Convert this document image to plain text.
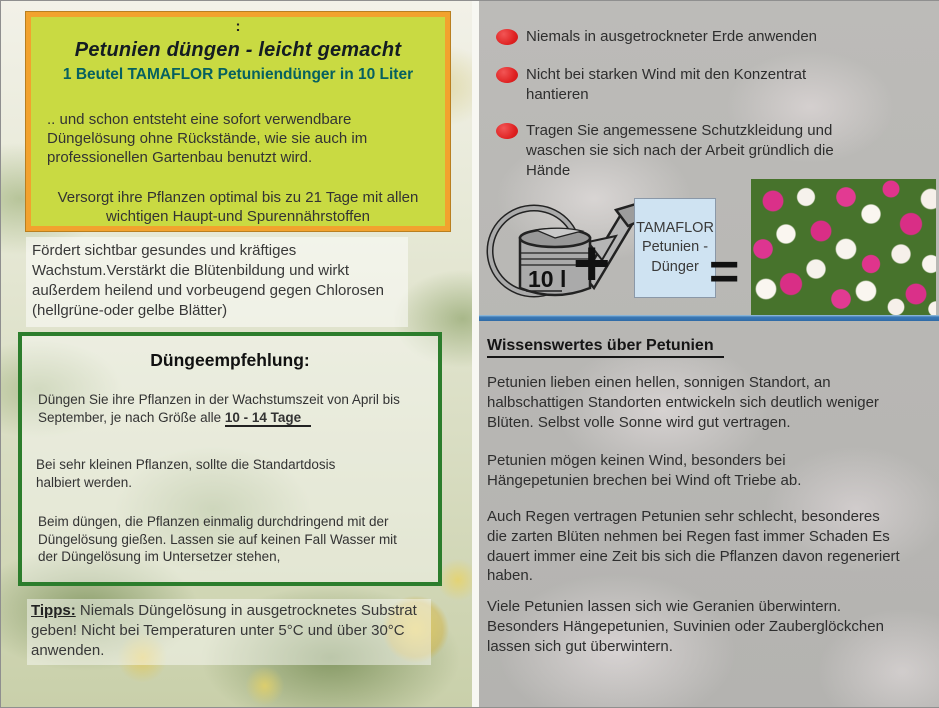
:
Petunien düngen - leicht gemacht
1 Beutel TAMAFLOR Petuniendünger in 10 Liter
.. und schon entsteht eine sofort verwendbare Düngelösung ohne Rückstände, wie sie auch im professionellen Gartenbau benutzt wird.
Versorgt ihre Pflanzen optimal bis zu 21 Tage mit allen wichtigen Haupt-und Spurennährstoffen
Fördert sichtbar gesundes und kräftiges Wachstum.Verstärkt die Blütenbildung und wirkt außerdem heilend und vorbeugend gegen Chlorosen (hellgrüne-oder gelbe Blätter)
Düngeempfehlung:
Düngen Sie ihre Pflanzen in der Wachstumszeit von April bis September, je nach Größe alle 10 - 14 Tage
Bei sehr kleinen Pflanzen, sollte die Standartdosis halbiert werden.
Beim düngen, die Pflanzen einmalig durchdringend mit der Düngelösung gießen. Lassen sie auf keinen Fall Wasser mit der Düngelösung im Untersetzer stehen,
Tipps: Niemals Düngelösung in ausgetrocknetes Substrat geben! Nicht bei Temperaturen unter 5°C und über 30°C anwenden.
Niemals in ausgetrockneter Erde anwenden
Nicht bei starken Wind mit den Konzentrat hantieren
Tragen Sie angemessene Schutzkleidung und waschen sie sich nach der Arbeit gründlich die Hände
10 l + TAMAFLOR
Petunien -
Dünger =
Wissenswertes über Petunien
Petunien lieben einen hellen, sonnigen Standort, an halbschattigen Standorten entwickeln sich deutlich weniger Blüten. Selbst volle Sonne wird gut vertragen.
Petunien mögen keinen Wind, besonders bei Hängepetunien brechen bei Wind oft Triebe ab.
Auch Regen vertragen Petunien sehr schlecht, besonderes die zarten Blüten nehmen bei Regen fast immer Schaden Es dauert immer eine Zeit bis sich die Pflanzen davon regeneriert haben.
Viele Petunien lassen sich wie Geranien überwintern. Besonders Hängepetunien, Suvinien oder Zauberglöckchen lassen sich gut überwintern.
